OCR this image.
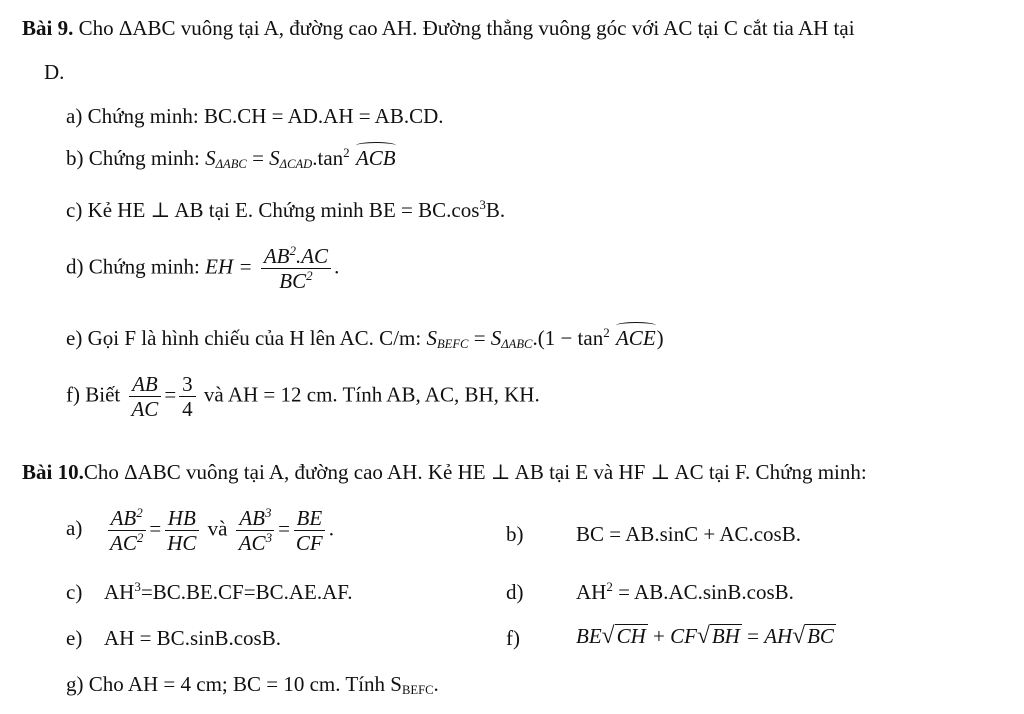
Bài 9. Cho ΔABC vuông tại A, đường cao AH. Đường thẳng vuông góc với AC tại C cắt tia AH tại
D.
a) Chứng minh: BC.CH = AD.AH = AB.CD.
b) Chứng minh: $S\Delta ABC = S\Delta CAD.\tan^2$ ACB
c) Kẻ HE ⊥ AB tại E. Chứng minh BE = $BC.\cos^3B$.
d) Chứng minh: EH = $\frac{AB^2.AC}{BC^2}$ .
e) Gọi F là hình chiếu của H lên AC. C/m: SBEFC = $S\Delta ABC.(1 - \tan^2 ACE)$
f) Biết $\frac{AB}{AC} = \frac{3}{4}$ và AH = 12 cm. Tính AB, AC, BH, KH.
Bài 10.Cho ΔABC vuông tại A, đường cao AH. Kẻ HE ⊥ AB tại E và HF ⊥ AC tại F. Chứng minh:
$a) \frac{AB^2}{AC^2} = \frac{HB}{HC}$ và $\frac{AB^3}{AC^3} = \frac{BE}{CF}$ .	b)	BC = AB.sinC + AC.cosB.
c) $AH^3=BC.BE.CF=BC.AE.AF$.	d)	$AH^2 = AB.AC.\sin B.\cos B$.
e) AH = BC.sinB.cosB.	f)	BE√CH + CF√BH = AH√BC
g) Cho AH = 4 cm; BC = 10 cm. Tính SBEFC.
